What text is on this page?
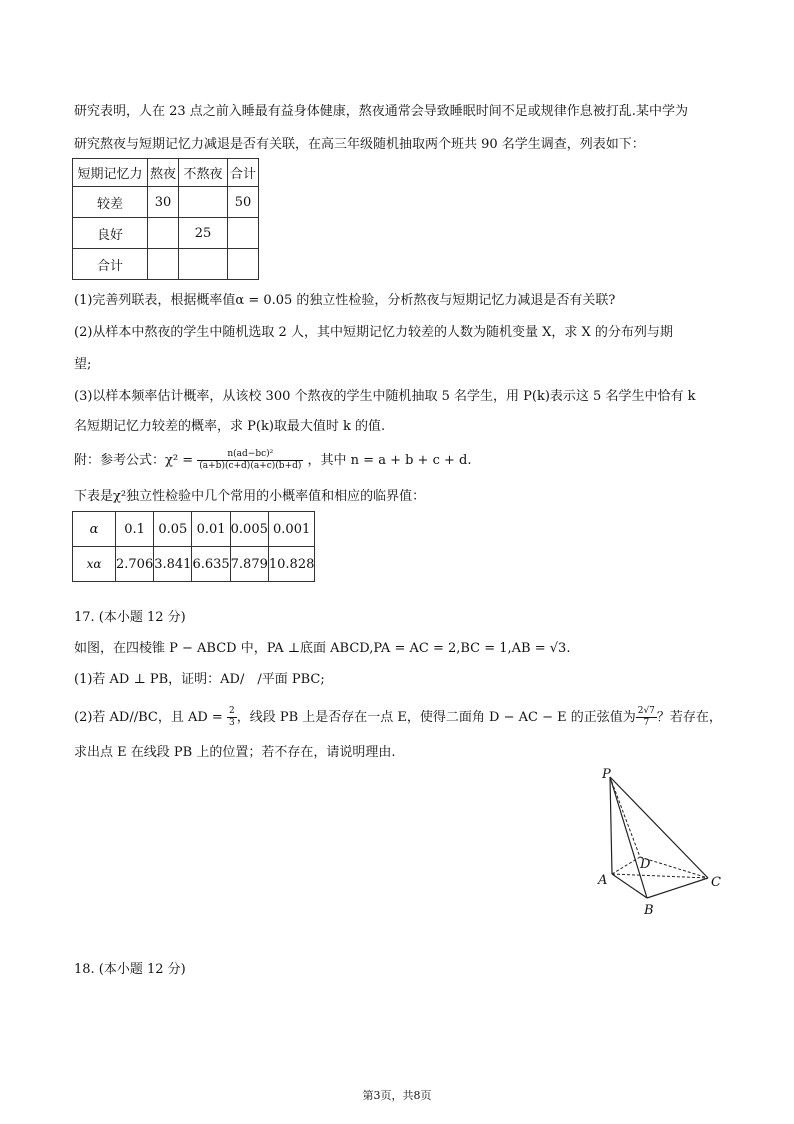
研究表明，人在 23 点之前入睡最有益身体健康，熬夜通常会导致睡眠时间不足或规律作息被打乱.某中学为
研究熬夜与短期记忆力减退是否有关联，在高三年级随机抽取两个班共 90 名学生调查，列表如下：
短期记忆力	熬夜	不熬夜	合计
较差	30		50
良好		25	
合计			
(1)完善列联表，根据概率值α = 0.05 的独立性检验，分析熬夜与短期记忆力减退是否有关联?
(2)从样本中熬夜的学生中随机选取 2 人，其中短期记忆力较差的人数为随机变量 X，求 X 的分布列与期
望;
(3)以样本频率估计概率，从该校 300 个熬夜的学生中随机抽取 5 名学生，用 P(k)表示这 5 名学生中恰有 k
名短期记忆力较差的概率，求 P(k)取最大值时 k 的值.
附：参考公式：$\chi^2 = \frac{\text{n(ad−bc)²}}{(a+b)(c+d)(a+c)(b+d)}$ ，其中 n = a + b + c + d.
下表是χ²独立性检验中几个常用的小概率值和相应的临界值：
α	0.1	0.05	0.01	0.005	0.001
xα	2.706	3.841	6.635	7.879	10.828
17. (本小题 12 分)
如图，在四棱锥 P − ABCD 中，PA ⊥底面 ABCD,PA = AC = 2,BC = 1,AB = √3.
(1)若 AD ⊥ PB，证明：AD/　/平面 PBC;
(2)若 AD//BC，且 AD = $\frac{2}{3}$ ，线段 PB 上是否存在一点 E，使得二面角 D − AC − E 的正弦值为 $\frac{2√7}{7}$ ？若存在，
求出点 E 在线段 PB 上的位置；若不存在，请说明理由.
P
D
A	C
B
18. (本小题 12 分)
第3页，共8页
